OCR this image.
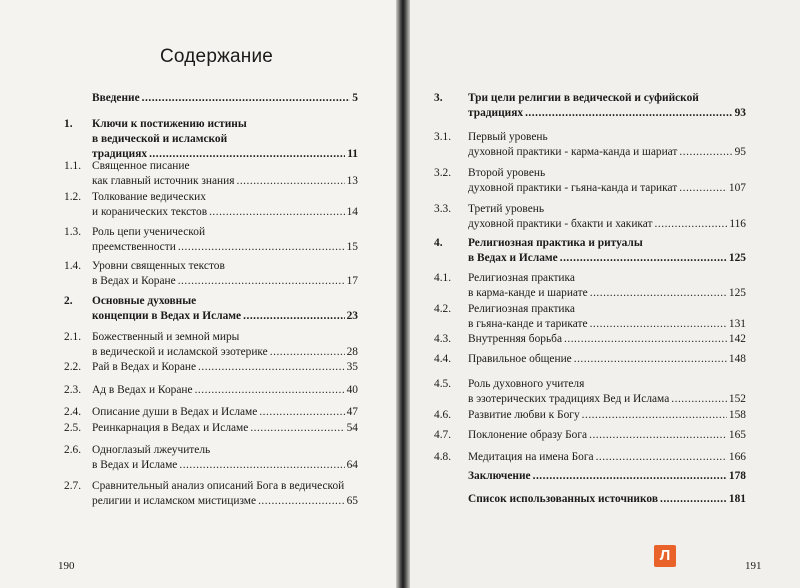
Содержание
Введение .....	5
1. Ключи к постижению истины
в ведической и исламской
традициях .....	11
1.1. Священное писание
как главный источник знания .....	13
1.2. Толкование ведических
и коранических текстов .....	14
1.3. Роль цепи ученической
преемственности .....	15
1.4. Уровни священных текстов
в Ведах и Коране .....	17
2. Основные духовные
концепции в Ведах и Исламе .....	23
2.1. Божественный и земной миры
в ведической и исламской эзотерике .....	28
2.2. Рай в Ведах и Коране .....	35
2.3. Ад в Ведах и Коране .....	40
2.4. Описание души в Ведах и Исламе .....	47
2.5. Реинкарнация в Ведах и Исламе .....	54
2.6. Одноглазый лжеучитель
в Ведах и Исламе .....	64
2.7. Сравнительный анализ описаний Бога в ведической
религии и исламском мистицизме .....	65
190
3. Три цели религии в ведической и суфийской
традициях .....	93
3.1. Первый уровень
духовной практики - карма-канда и шариат .....	95
3.2. Второй уровень
духовной практики - гьяна-канда и тарикат .....	107
3.3. Третий уровень
духовной практики - бхакти и хакикат .....	116
4. Религиозная практика и ритуалы
в Ведах и Исламе .....	125
4.1. Религиозная практика
в карма-канде и шариате .....	125
4.2. Религиозная практика
в гьяна-канде и тарикате .....	131
4.3. Внутренняя борьба .....	142
4.4. Правильное общение .....	148
4.5. Роль духовного учителя
в эзотерических традициях Вед и Ислама .....	152
4.6. Развитие любви к Богу .....	158
4.7. Поклонение образу Бога .....	165
4.8. Медитация на имена Бога .....	166
Заключение .....	178
Список использованных источников .....	181
Л
191
